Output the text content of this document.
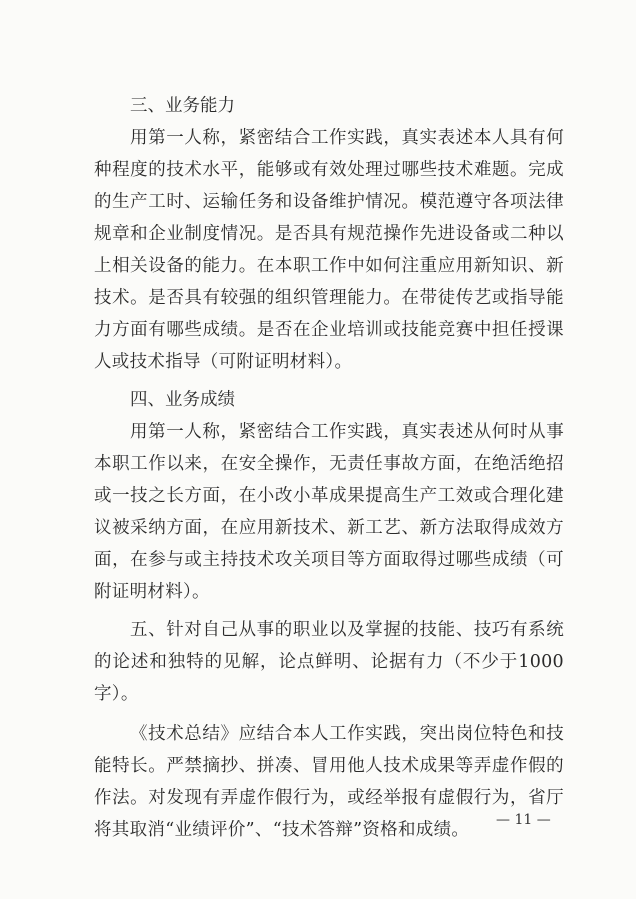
三、业务能力

用第一人称，紧密结合工作实践，真实表述本人具有何种程度的技术水平，能够或有效处理过哪些技术难题。完成的生产工时、运输任务和设备维护情况。模范遵守各项法律规章和企业制度情况。是否具有规范操作先进设备或二种以上相关设备的能力。在本职工作中如何注重应用新知识、新技术。是否具有较强的组织管理能力。在带徒传艺或指导能力方面有哪些成绩。是否在企业培训或技能竞赛中担任授课人或技术指导（可附证明材料）。

四、业务成绩

用第一人称，紧密结合工作实践，真实表述从何时从事本职工作以来，在安全操作，无责任事故方面，在绝活绝招或一技之长方面，在小改小革成果提高生产工效或合理化建议被采纳方面，在应用新技术、新工艺、新方法取得成效方面，在参与或主持技术攻关项目等方面取得过哪些成绩（可附证明材料）。

五、针对自己从事的职业以及掌握的技能、技巧有系统的论述和独特的见解，论点鲜明、论据有力（不少于1000字）。

《技术总结》应结合本人工作实践，突出岗位特色和技能特长。严禁摘抄、拼凑、冒用他人技术成果等弄虚作假的作法。对发现有弄虚作假行为，或经举报有虚假行为，省厅将其取消“业绩评价”、“技术答辩”资格和成绩。	— 11 —
